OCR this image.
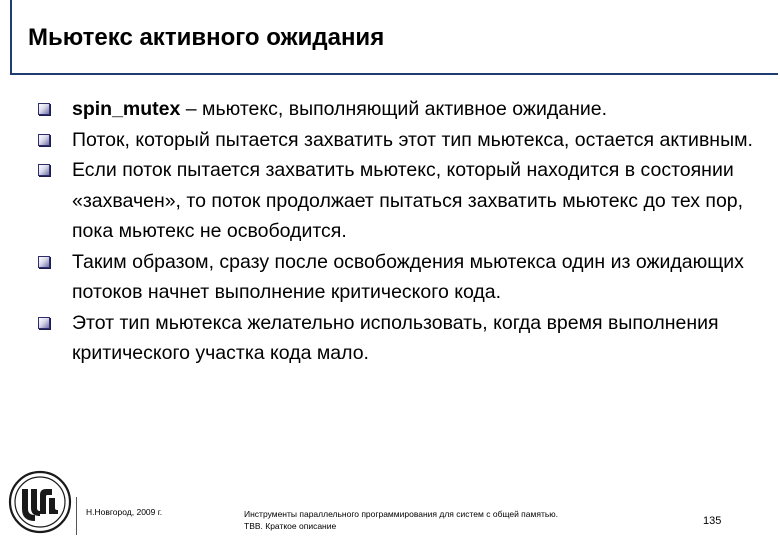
Мьютекс активного ожидания
spin_mutex – мьютекс, выполняющий активное ожидание.
Поток, который пытается захватить этот тип мьютекса, остается активным.
Если поток пытается захватить мьютекс, который находится в состоянии «захвачен», то поток продолжает пытаться захватить мьютекс до тех пор, пока мьютекс не освободится.
Таким образом, сразу после освобождения мьютекса один из ожидающих потоков начнет выполнение критического кода.
Этот тип мьютекса желательно использовать, когда время выполнения критического участка кода мало.
Н.Новгород, 2009 г.	Инструменты параллельного программирования для систем с общей памятью.
ТВВ. Краткое описание	135
